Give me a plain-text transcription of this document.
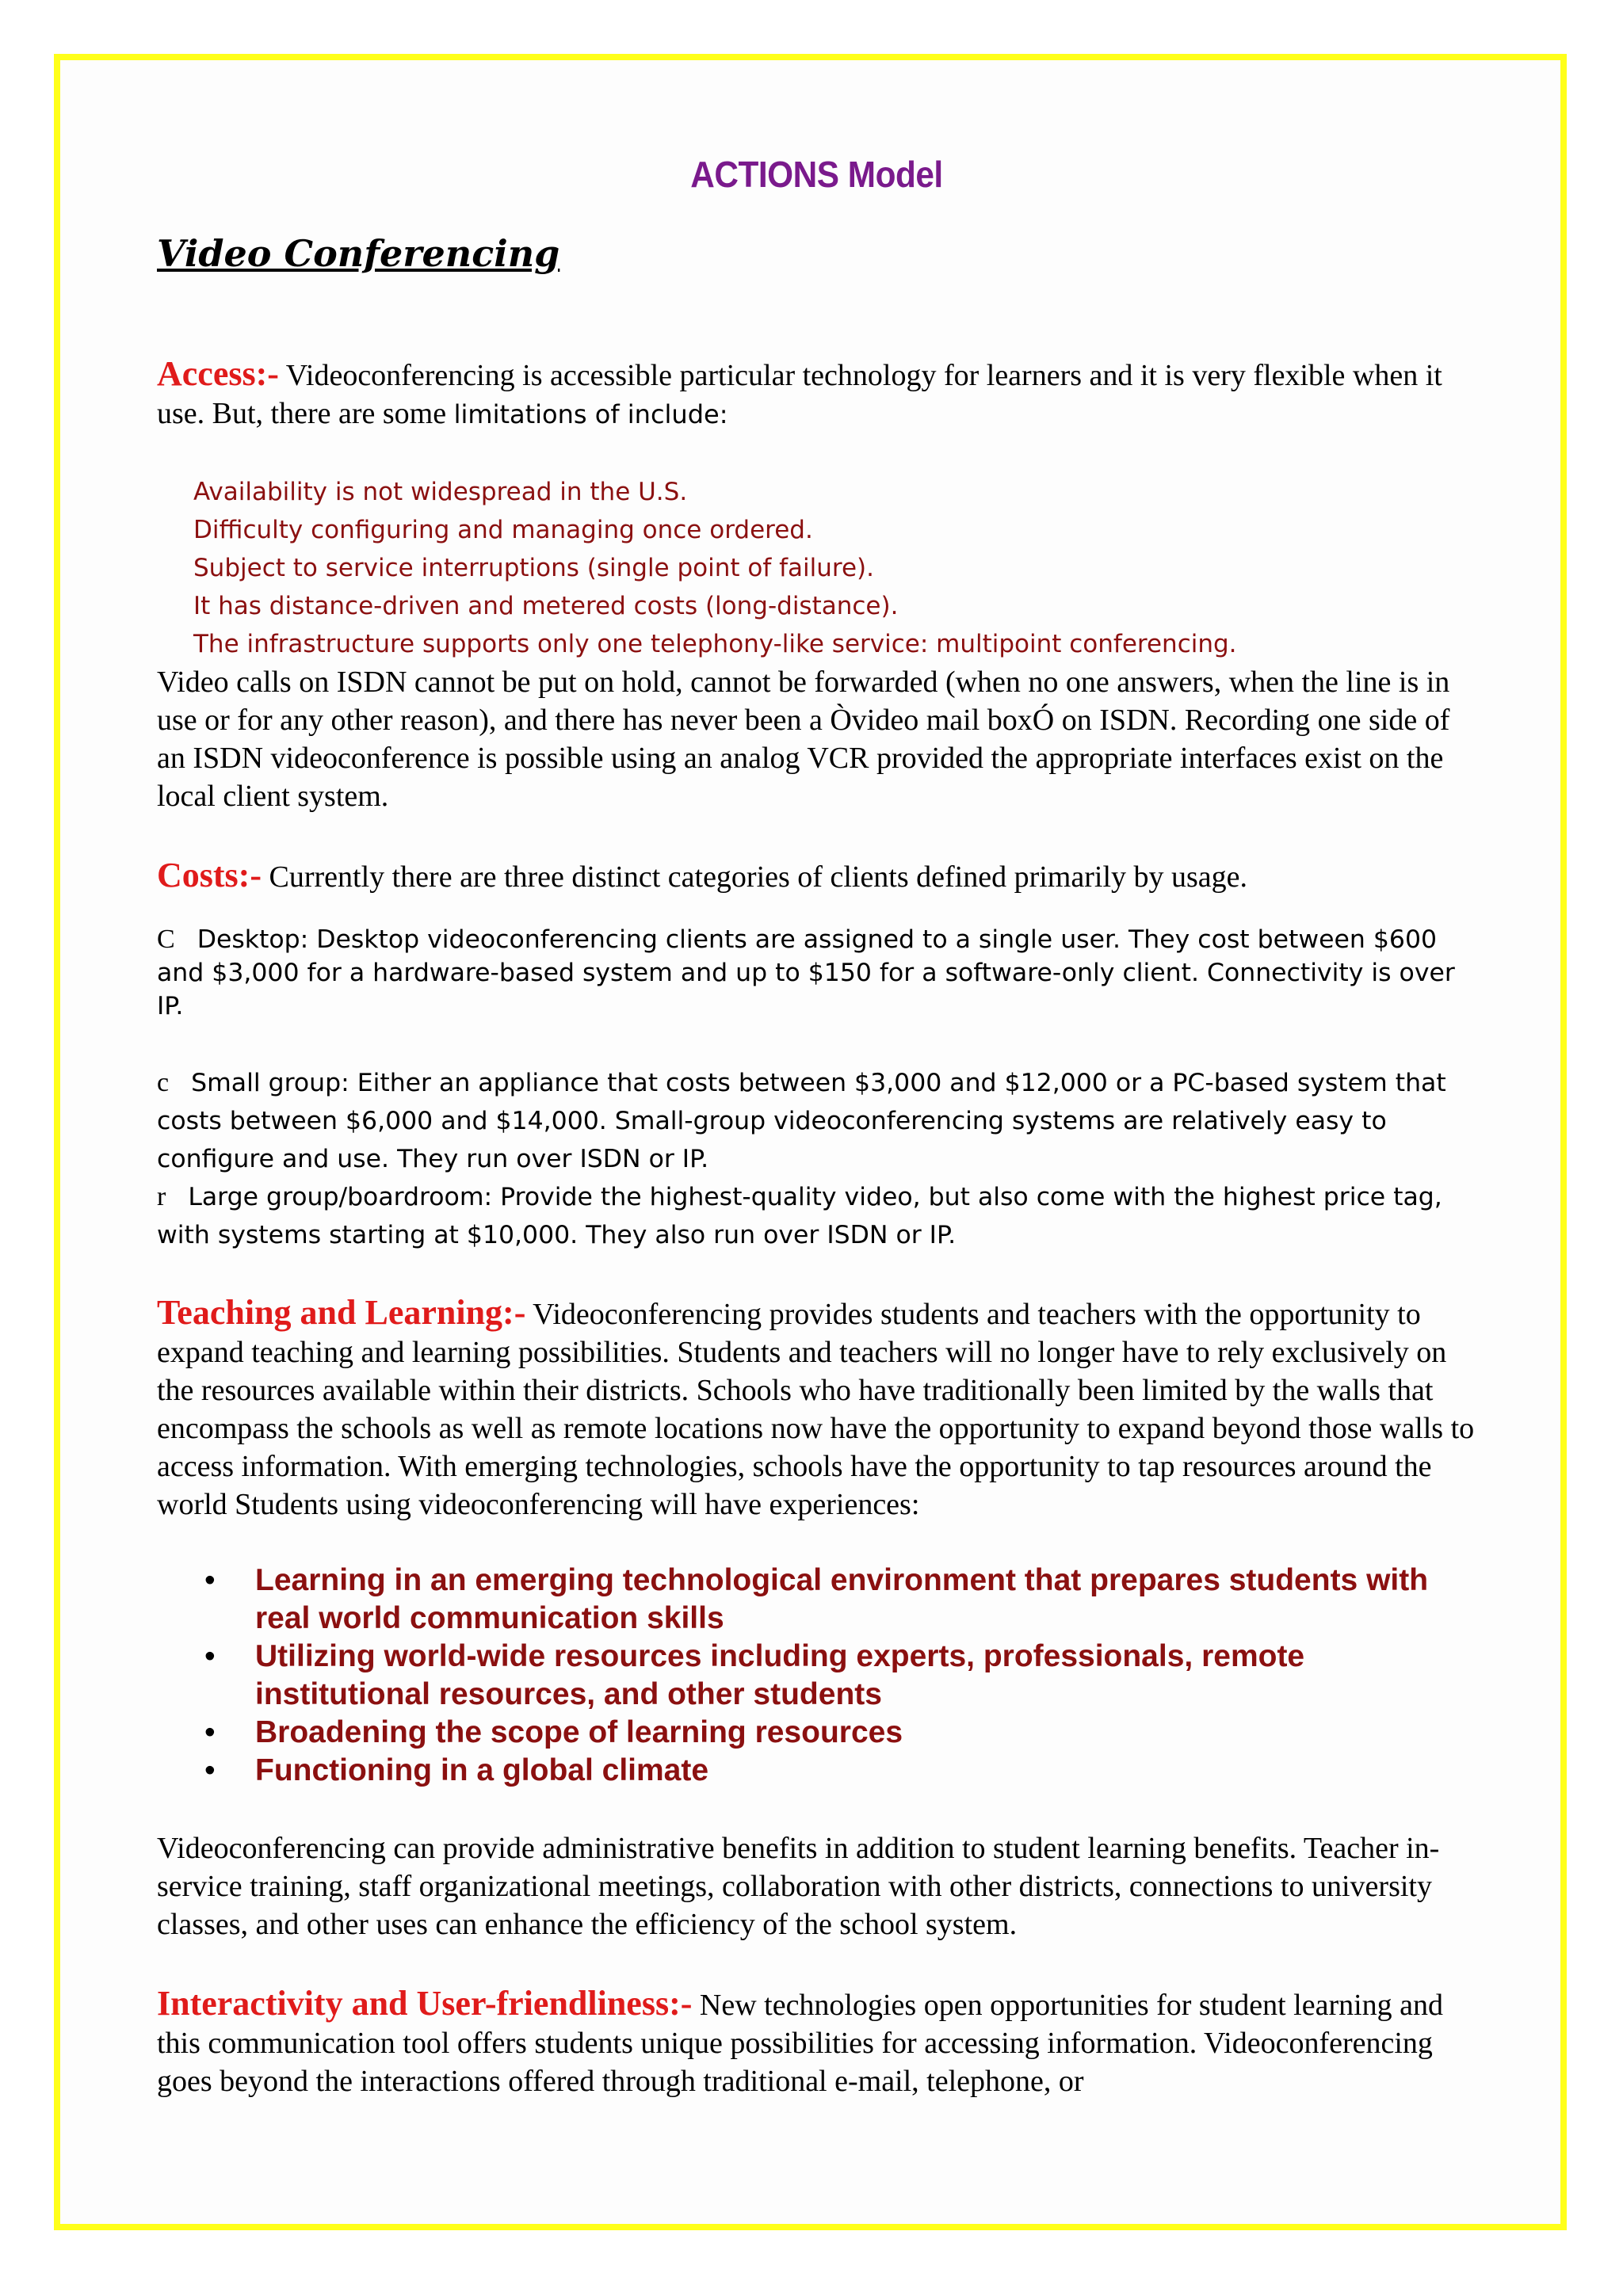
ACTIONS Model
Video Conferencing

Access:- Videoconferencing is accessible particular technology for learners and it is very flexible when it use. But, there are some limitations of include:

Availability is not widespread in the U.S.
Difficulty configuring and managing once ordered.
Subject to service interruptions (single point of failure).
It has distance-driven and metered costs (long-distance).
The infrastructure supports only one telephony-like service: multipoint conferencing.

Video calls on ISDN cannot be put on hold, cannot be forwarded (when no one answers, when the line is in use or for any other reason), and there has never been a Òvideo mail boxÓ on ISDN. Recording one side of an ISDN videoconference is possible using an analog VCR provided the appropriate interfaces exist on the local client system.

Costs:- Currently there are three distinct categories of clients defined primarily by usage.

C Desktop: Desktop videoconferencing clients are assigned to a single user. They cost between $600 and $3,000 for a hardware-based system and up to $150 for a software-only client. Connectivity is over IP.

c Small group: Either an appliance that costs between $3,000 and $12,000 or a PC-based system that costs between $6,000 and $14,000. Small-group videoconferencing systems are relatively easy to configure and use. They run over ISDN or IP.

r Large group/boardroom: Provide the highest-quality video, but also come with the highest price tag, with systems starting at $10,000. They also run over ISDN or IP.

Teaching and Learning:- Videoconferencing provides students and teachers with the opportunity to expand teaching and learning possibilities. Students and teachers will no longer have to rely exclusively on the resources available within their districts. Schools who have traditionally been limited by the walls that encompass the schools as well as remote locations now have the opportunity to expand beyond those walls to access information. With emerging technologies, schools have the opportunity to tap resources around the world Students using videoconferencing will have experiences:

• Learning in an emerging technological environment that prepares students with real world communication skills
• Utilizing world-wide resources including experts, professionals, remote institutional resources, and other students
• Broadening the scope of learning resources
• Functioning in a global climate

Videoconferencing can provide administrative benefits in addition to student learning benefits. Teacher in-service training, staff organizational meetings, collaboration with other districts, connections to university classes, and other uses can enhance the efficiency of the school system.

Interactivity and User-friendliness:- New technologies open opportunities for student learning and this communication tool offers students unique possibilities for accessing information. Videoconferencing goes beyond the interactions offered through traditional e-mail, telephone, or
